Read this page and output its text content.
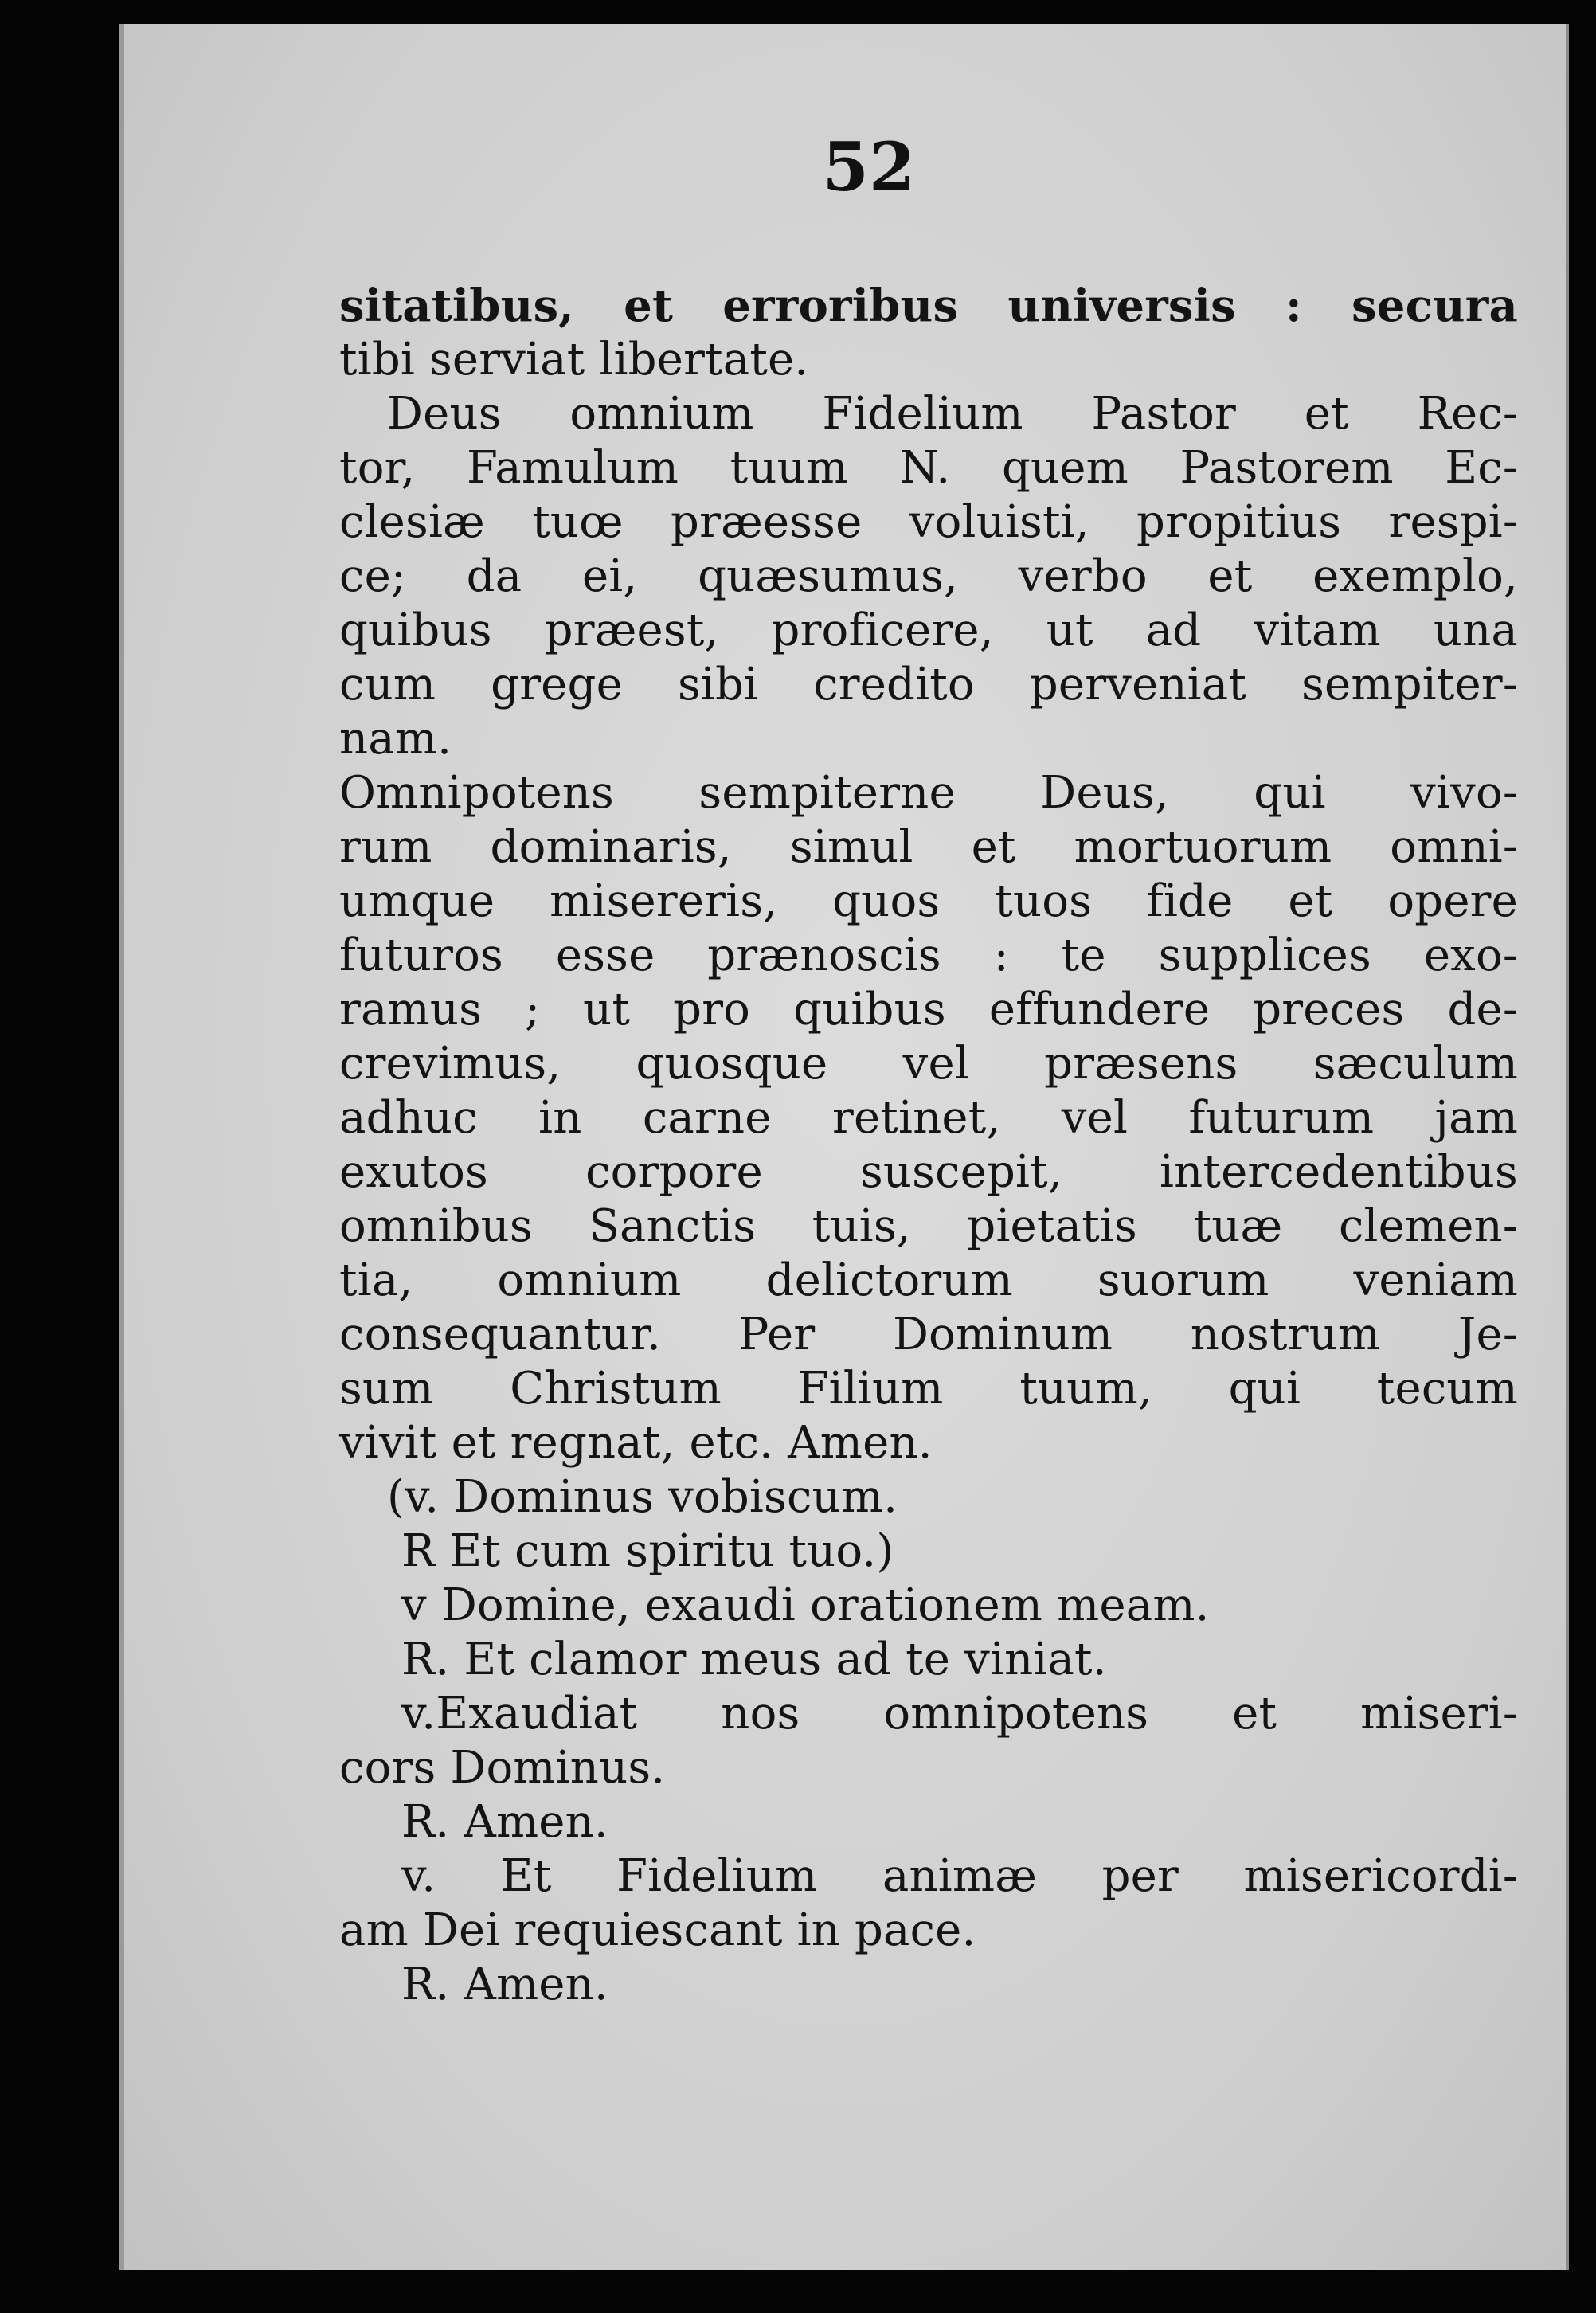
52
sitatibus, et erroribus universis : secura
tibi serviat libertate.
Deus omnium Fidelium Pastor et Rec-
tor, Famulum tuum N. quem Pastorem Ec-
clesiæ tuœ præesse voluisti, propitius respi-
ce; da ei, quæsumus, verbo et exemplo,
quibus præest, proficere, ut ad vitam una
cum grege sibi credito perveniat sempiter-
nam.
Omnipotens sempiterne Deus, qui vivo-
rum dominaris, simul et mortuorum omni-
umque misereris, quos tuos fide et opere
futuros esse prænoscis : te supplices exo-
ramus ; ut pro quibus effundere preces de-
crevimus, quosque vel præsens sæculum
adhuc in carne retinet, vel futurum jam
exutos corpore suscepit, intercedentibus
omnibus Sanctis tuis, pietatis tuæ clemen-
tia, omnium delictorum suorum veniam
consequantur. Per Dominum nostrum Je-
sum Christum Filium tuum, qui tecum
vivit et regnat, etc. Amen.
(v. Dominus vobiscum.
R Et cum spiritu tuo.)
v Domine, exaudi orationem meam.
R. Et clamor meus ad te viniat.
v.Exaudiat nos omnipotens et miseri-
cors Dominus.
R. Amen.
v. Et Fidelium animæ per misericordi-
am Dei requiescant in pace.
R. Amen.
